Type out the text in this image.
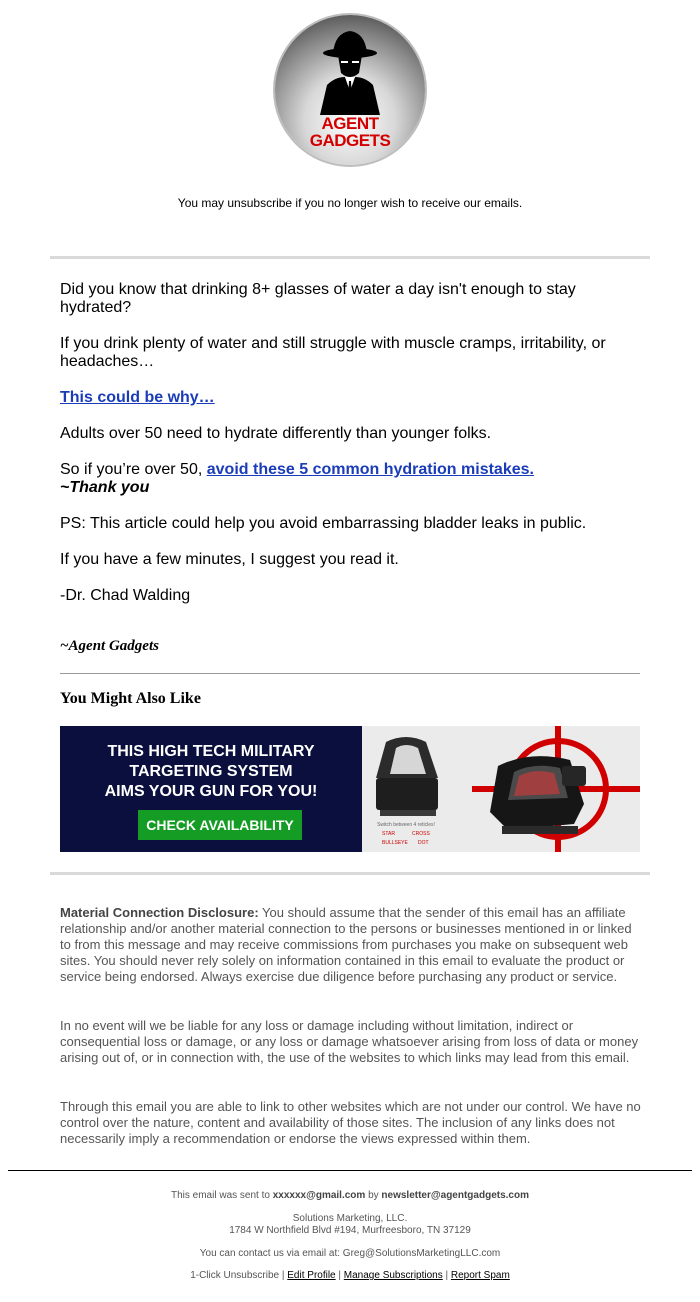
AGENT
GADGETS
You may unsubscribe if you no longer wish to receive our emails.

Did you know that drinking 8+ glasses of water a day isn't enough to stay hydrated?

If you drink plenty of water and still struggle with muscle cramps, irritability, or headaches…

This could be why…

Adults over 50 need to hydrate differently than younger folks.

So if you’re over 50, avoid these 5 common hydration mistakes.
~Thank you
PS: This article could help you avoid embarrassing bladder leaks in public.
If you have a few minutes, I suggest you read it.
-Dr. Chad Walding
~Agent Gadgets
You Might Also Like
THIS HIGH TECH MILITARY
TARGETING SYSTEM
AIMS YOUR GUN FOR YOU!
CHECK AVAILABILITY	Switch between 4 reticles!
STAR	CROSS
BULLSEYE DOT
Material Connection Disclosure: You should assume that the sender of this email has an affiliate relationship and/or another material connection to the persons or businesses mentioned in or linked to from this message and may receive commissions from purchases you make on subsequent web sites. You should never rely solely on information contained in this email to evaluate the product or service being endorsed. Always exercise due diligence before purchasing any product or service.
In no event will we be liable for any loss or damage including without limitation, indirect or consequential loss or damage, or any loss or damage whatsoever arising from loss of data or money arising out of, or in connection with, the use of the websites to which links may lead from this email.
Through this email you are able to link to other websites which are not under our control. We have no control over the nature, content and availability of those sites. The inclusion of any links does not necessarily imply a recommendation or endorse the views expressed within them.
This email was sent to xxxxxx@gmail.com by newsletter@agentgadgets.com
Solutions Marketing, LLC.
1784 W Northfield Blvd #194, Murfreesboro, TN 37129
You can contact us via email at: Greg@SolutionsMarketingLLC.com
1-Click Unsubscribe | Edit Profile | Manage Subscriptions | Report Spam
